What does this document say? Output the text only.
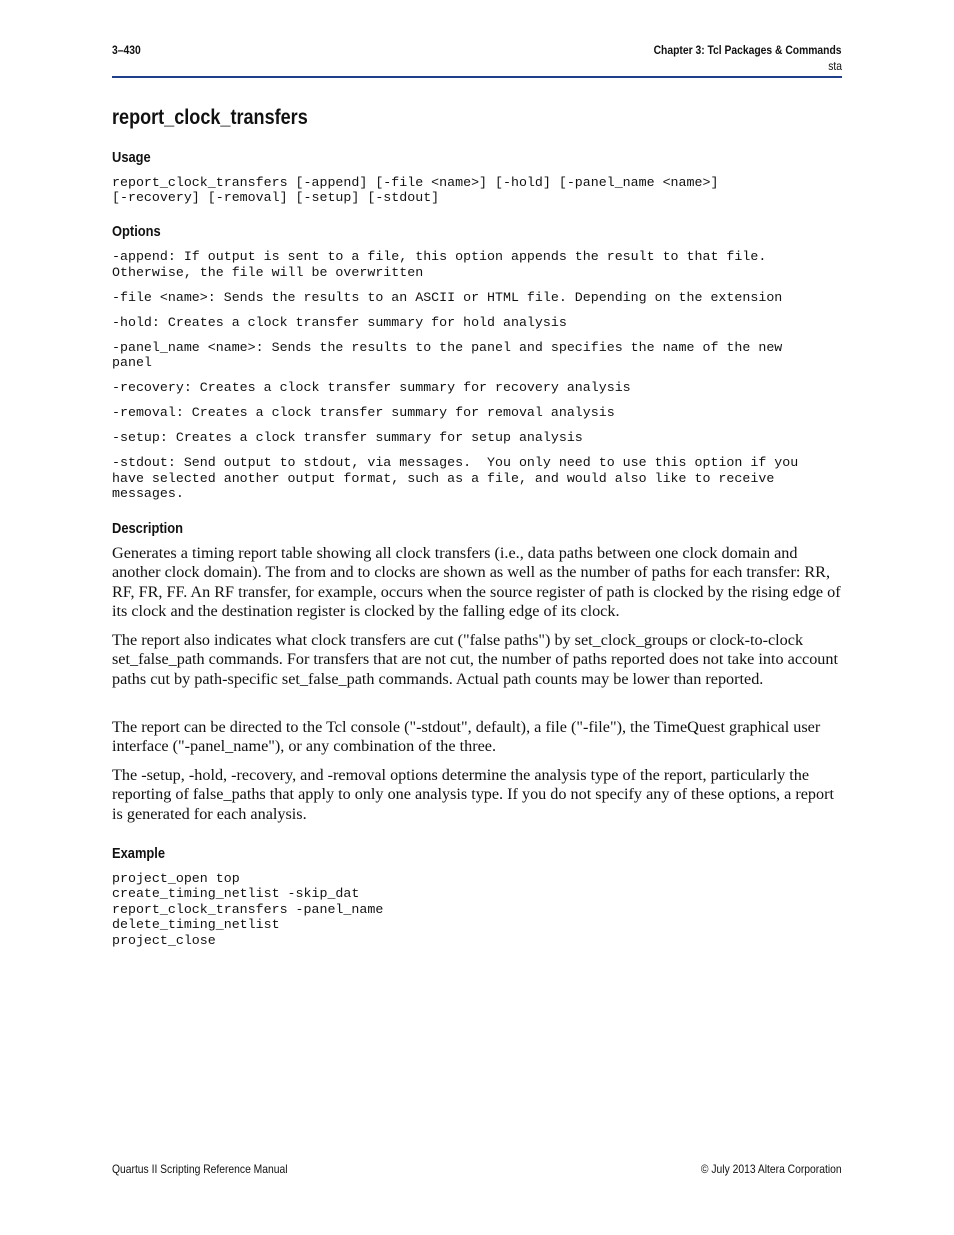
3–430	Chapter 3: Tcl Packages & Commands
sta
report_clock_transfers
Usage
report_clock_transfers [-append] [-file <name>] [-hold] [-panel_name <name>]
[-recovery] [-removal] [-setup] [-stdout]
Options
-append: If output is sent to a file, this option appends the result to that file.
Otherwise, the file will be overwritten
-file <name>: Sends the results to an ASCII or HTML file. Depending on the extension
-hold: Creates a clock transfer summary for hold analysis
-panel_name <name>: Sends the results to the panel and specifies the name of the new
panel
-recovery: Creates a clock transfer summary for recovery analysis
-removal: Creates a clock transfer summary for removal analysis
-setup: Creates a clock transfer summary for setup analysis
-stdout: Send output to stdout, via messages.  You only need to use this option if you
have selected another output format, such as a file, and would also like to receive
messages.
Description

Generates a timing report table showing all clock transfers (i.e., data paths between one clock domain and another clock domain). The from and to clocks are shown as well as the number of paths for each transfer: RR, RF, FR, FF. An RF transfer, for example, occurs when the source register of path is clocked by the rising edge of its clock and the destination register is clocked by the falling edge of its clock.

The report also indicates what clock transfers are cut ("false paths") by set_clock_groups or clock-to-clock set_false_path commands. For transfers that are not cut, the number of paths reported does not take into account paths cut by path-specific set_false_path commands. Actual path counts may be lower than reported.

The report can be directed to the Tcl console ("-stdout", default), a file ("-file"), the TimeQuest graphical user interface ("-panel_name"), or any combination of the three.

The -setup, -hold, -recovery, and -removal options determine the analysis type of the report, particularly the reporting of false_paths that apply to only one analysis type. If you do not specify any of these options, a report is generated for each analysis.

Example
project_open top
create_timing_netlist -skip_dat
report_clock_transfers -panel_name
delete_timing_netlist
project_close
Quartus II Scripting Reference Manual	© July 2013 Altera Corporation
